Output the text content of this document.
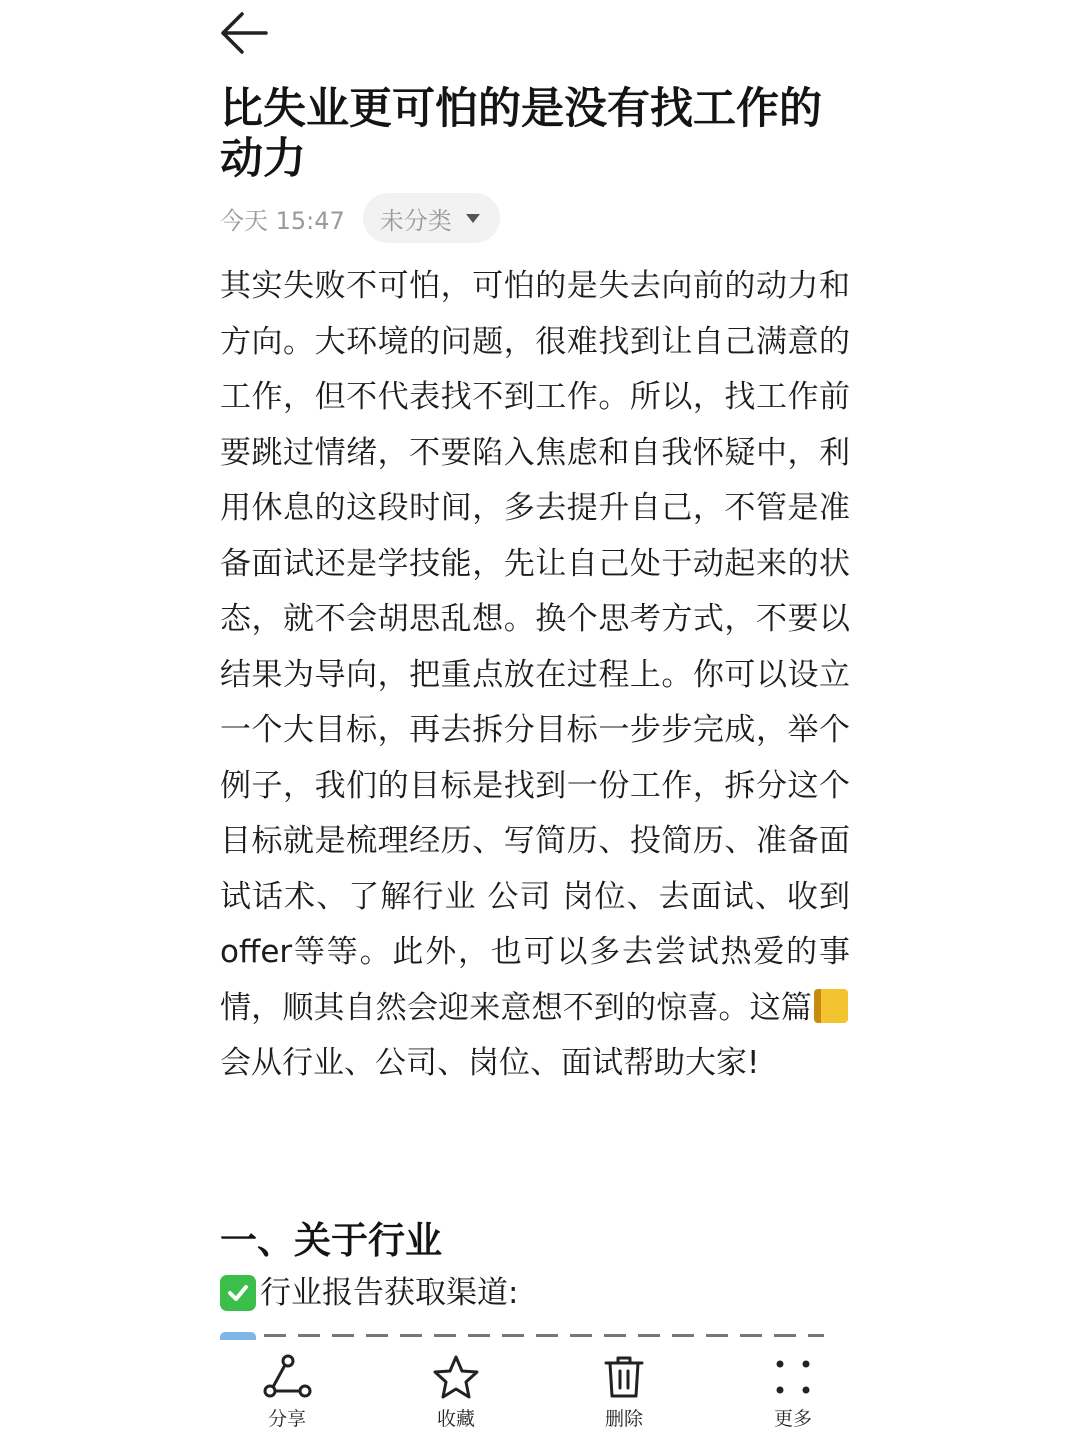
比失业更可怕的是没有找工作的动力
今天 15:47 未分类

其实失败不可怕，可怕的是失去向前的动力和方向。大环境的问题，很难找到让自己满意的工作，但不代表找不到工作。所以，找工作前要跳过情绪，不要陷入焦虑和自我怀疑中，利用休息的这段时间，多去提升自己，不管是准备面试还是学技能，先让自己处于动起来的状态，就不会胡思乱想。换个思考方式，不要以结果为导向，把重点放在过程上。你可以设立一个大目标，再去拆分目标一步步完成，举个例子，我们的目标是找到一份工作，拆分这个目标就是梳理经历、写简历、投简历、准备面试话术、了解行业 公司 岗位、去面试、收到offer等等。此外，也可以多去尝试热爱的事情，顺其自然会迎来意想不到的惊喜。这篇会从行业、公司、岗位、面试帮助大家!

一、关于行业
行业报告获取渠道:
分享	收藏	删除	更多
